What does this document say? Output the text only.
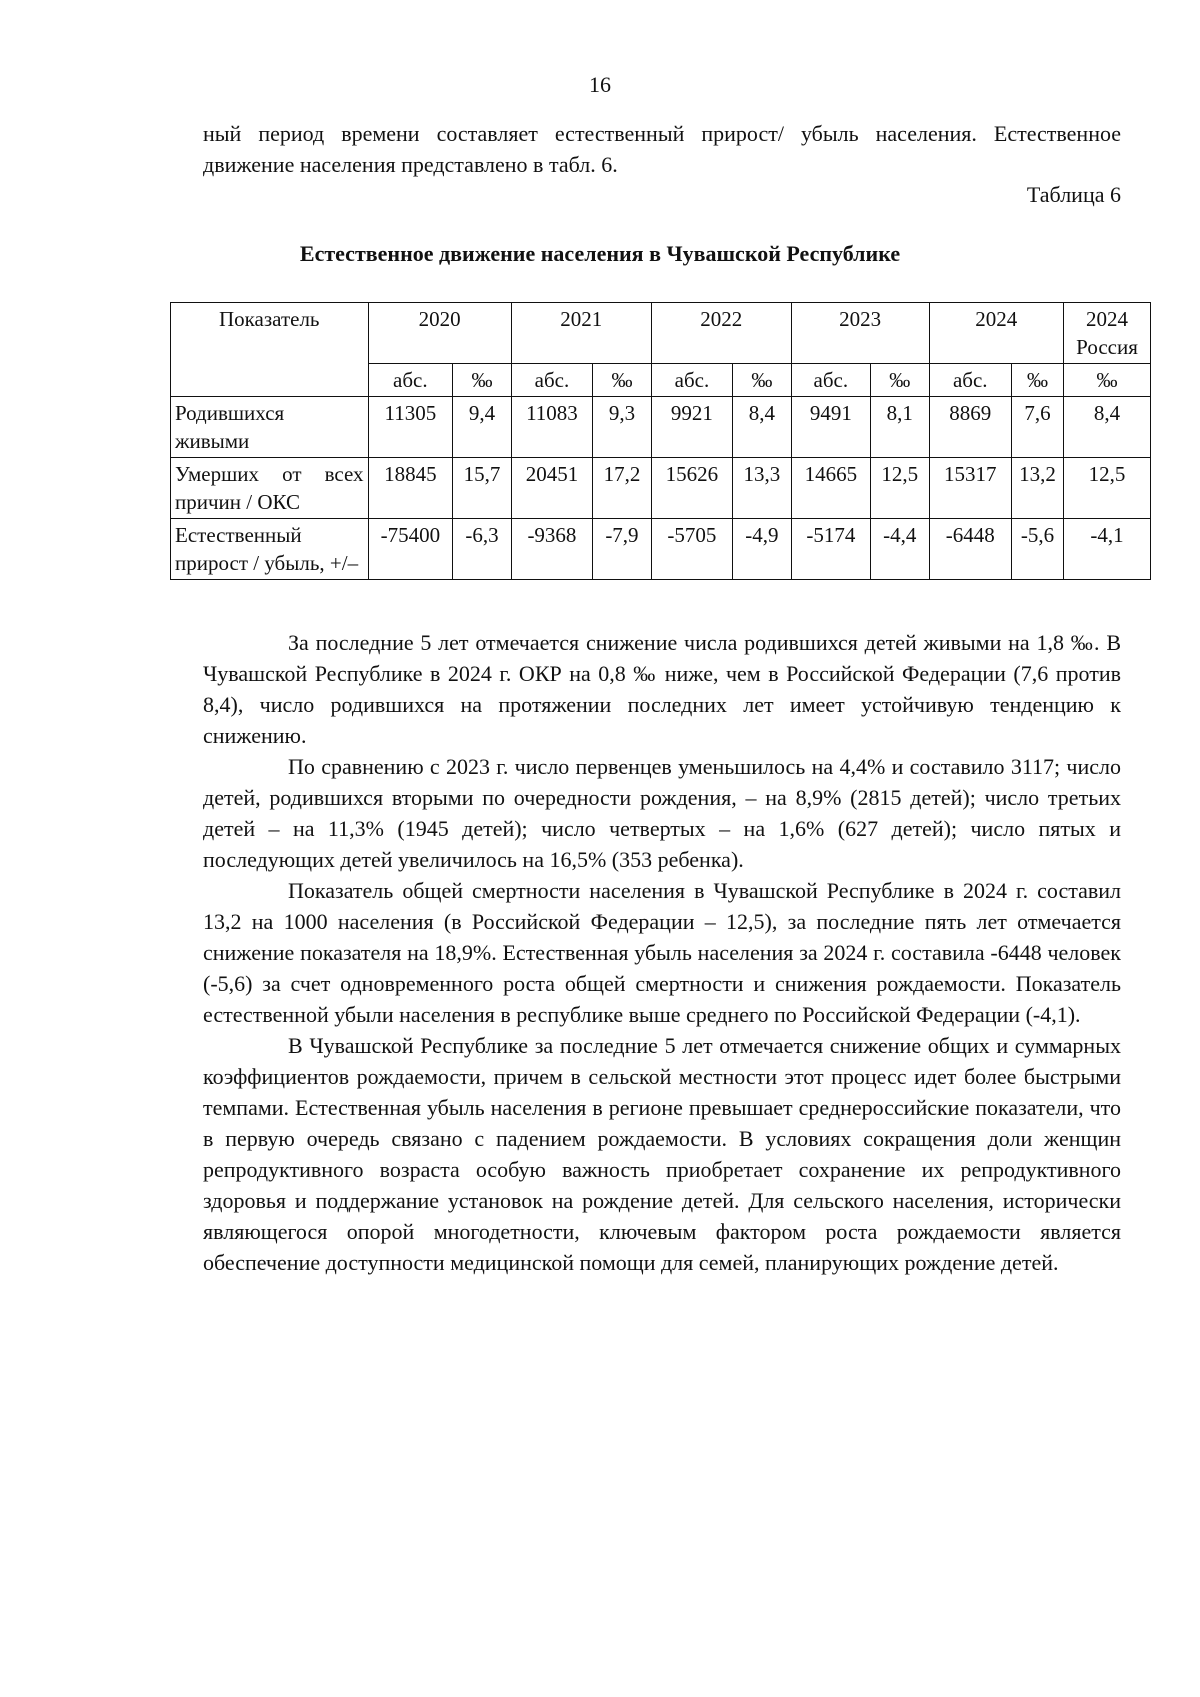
16
ный период времени составляет естественный прирост/ убыль населения. Естественное движение населения представлено в табл. 6.
Таблица 6
Естественное движение населения в Чувашской Республике
Показатель	2020		2021		2022		2023		2024		2024 Россия
	абс.	‰	абс.	‰	абс.	‰	абс.	‰	абс.	‰	‰
Родившихся живыми	11305	9,4	11083	9,3	9921	8,4	9491	8,1	8869	7,6	8,4
Умерших от всех причин / ОКС	18845	15,7	20451	17,2	15626	13,3	14665	12,5	15317	13,2	12,5
Естественный прирост / убыль, +/–	-75400	-6,3	-9368	-7,9	-5705	-4,9	-5174	-4,4	-6448	-5,6	-4,1

За последние 5 лет отмечается снижение числа родившихся детей живыми на 1,8 ‰. В Чувашской Республике в 2024 г. ОКР на 0,8 ‰ ниже, чем в Российской Федерации (7,6 против 8,4), число родившихся на протяжении последних лет имеет устойчивую тенденцию к снижению.

По сравнению с 2023 г. число первенцев уменьшилось на 4,4% и составило 3117; число детей, родившихся вторыми по очередности рождения, – на 8,9% (2815 детей); число третьих детей – на 11,3% (1945 детей); число четвертых – на 1,6% (627 детей); число пятых и последующих детей увеличилось на 16,5% (353 ребенка).

Показатель общей смертности населения в Чувашской Республике в 2024 г. составил 13,2 на 1000 населения (в Российской Федерации – 12,5), за последние пять лет отмечается снижение показателя на 18,9%. Естественная убыль населения за 2024 г. составила -6448 человек (-5,6) за счет одновременного роста общей смертности и снижения рождаемости. Показатель естественной убыли населения в республике выше среднего по Российской Федерации (-4,1).

В Чувашской Республике за последние 5 лет отмечается снижение общих и суммарных коэффициентов рождаемости, причем в сельской местности этот процесс идет более быстрыми темпами. Естественная убыль населения в регионе превышает среднероссийские показатели, что в первую очередь связано с падением рождаемости. В условиях сокращения доли женщин репродуктивного возраста особую важность приобретает сохранение их репродуктивного здоровья и поддержание установок на рождение детей. Для сельского населения, исторически являющегося опорой многодетности, ключевым фактором роста рождаемости является обеспечение доступности медицинской помощи для семей, планирующих рождение детей.
